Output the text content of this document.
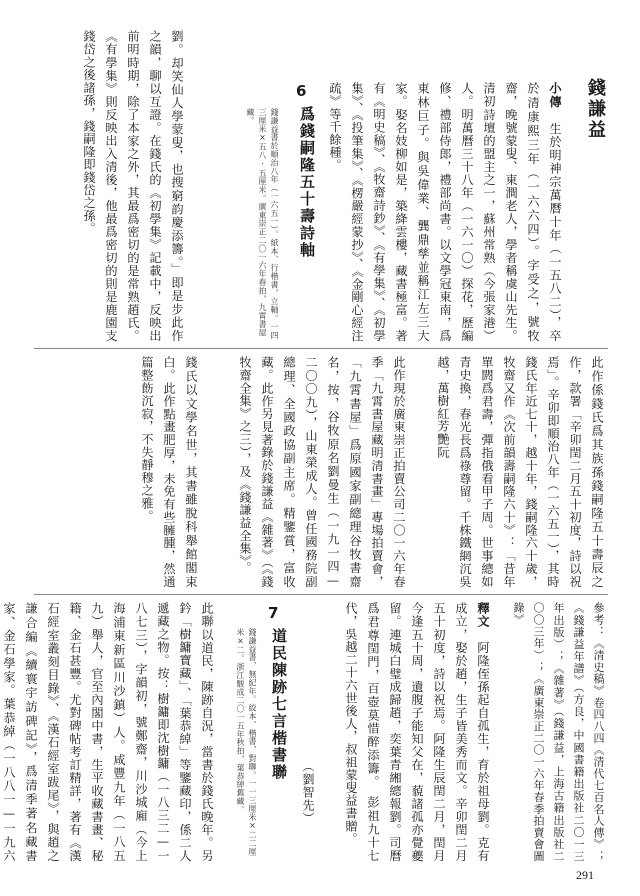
錢謙益
小傳　生於明神宗萬曆十年（一五八二），卒於清康熙三年（一六六四）。字受之，號牧齋，晚號蒙叟、東澗老人，學者稱虞山先生。清初詩壇的盟主之一，蘇州常熟（今張家港）人。明萬曆三十八年（一六一〇）探花，歷編修、禮部侍郎，禮部尚書。以文學冠東南，爲東林巨子。與吳偉業、龔鼎孳並稱江左三大家。娶名妓柳如是，築絳雲樓，藏書極富。著有《明史稿》、《牧齋詩鈔》、《有學集》、《初學集》、《投筆集》、《楞嚴經蒙抄》、《金剛心經注疏》等千餘種。
6
爲錢嗣隆五十壽詩軸
錢謙益書於順治八年（一六五一）。紙本、行楷書，立軸。一四三厘米×五八·五厘米。廣東崇正二〇一六年春拍，九霄書屋藏。
劉。却笑仙人學蒙叟，也搜窮韵慶添籌。」即是步此作之韻，聊以互證。在錢氏的《初學集》記載中，反映出前明時期，除了本家之外，其最爲密切的是常熟趙氏。《有學集》則反映出入清後，他最爲密切的則是鹿園支錢岱之後諸孫，錢嗣隆即錢岱之孫。
此作係錢氏爲其族孫錢嗣隆五十壽辰之作，款署「辛卯閏二月五十初度，詩以祝焉」。辛卯即順治八年（一六五一），其時錢氏年近七十，越十年，錢嗣隆六十歲，牧齋又作《次前韻壽嗣隆六十》：「昔年單閼爲君壽，彈指俄看甲子周。世事總如青史換，春光長爲祿尊留。千株鐵網沉吳越，萬樹紅芳艷阮
此作現於廣東崇正拍賣公司二〇一六年春季「九霄書屋藏明清書畫」專場拍賣會，「九霄書屋」爲原國家副總理谷牧書齋名，按，谷牧原名劉曼生（一九一四—二〇〇九），山東榮成人。曾任國務院副總理、全國政協副主席。精鑒賞，富收藏。此作另見著錄於錢謙益《雜著》（《錢牧齋全集》之三），及《錢謙益全集》。
錢氏以文學名世，其書雖脫科舉館閣束白。此作點畫肥厚，未免有些臃腫，然通篇整飭沉寂，不失靜穆之雅。
參考：《清史稿》卷四八四《清代七百名人傳》；《錢謙益年譜》（方良，中國書籍出版社二〇一三年出版）；《雜著》（錢謙益，上海古籍出版社二〇〇三年）；《廣東崇正二〇一六年春季拍賣會圖錄》
釋文　阿隆侄孫起自孤生，育於祖母劉。克有成立，娶於趙，生子皆美秀而文。辛卯閏二月五十初度，詩以祝焉。阿隆生辰閏二月，閏月今逢五十周，遺腹子能知父在，藐諸孤亦覺夔留。連城白璧成歸趙，奕葉青緗總報劉。司曆爲君尊閏門，百壺莫惜醉添籌。　彭祖九十七代，吳越二十六世後人，叔祖蒙叟益書贈。
（劉智先）
7
道民陳跡七言楷書聯
錢謙益書，無紀年。絞本、楷書，對聯。一一三厘米×二二厘米×二。浙江駿成二〇一五年秋拍，葉恭綽舊藏。
此聯以道民，陳跡自況，當書於錢氏晚年。另鈐「樹鏞寶藏」、「葉恭綽」等鑒藏印，係二人遞藏之物。按：樹鏞即沈樹鏞（一八三二—一八七三），字韻初，號鄭齋，川沙城廂（今上海浦東新區川沙鎮）人。咸豐九年（一八五九）舉人，官至內閣中書，生平收藏書畫、秘籍、金石甚豐。尤對碑帖考訂精詳，著有《漢石經室叢刻目錄》、《漢石經室跋尾》，與趙之謙合編《續寰宇訪碑記》，爲清季著名藏書家、金石學家。葉恭綽（一八八一—一九六
291
